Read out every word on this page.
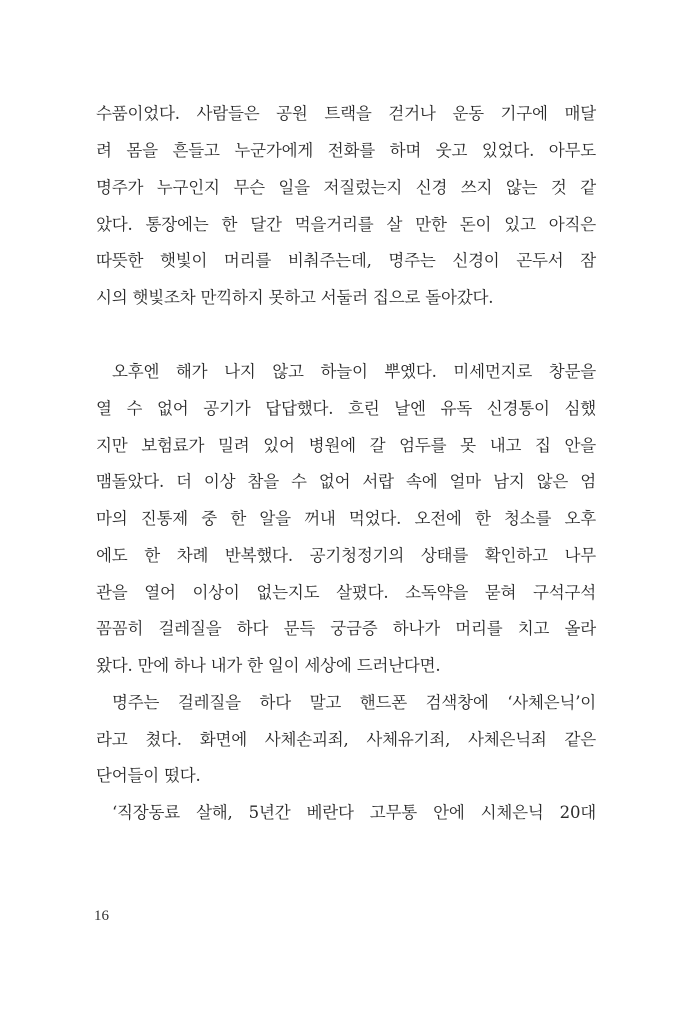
수품이었다. 사람들은 공원 트랙을 걷거나 운동 기구에 매달
려 몸을 흔들고 누군가에게 전화를 하며 웃고 있었다. 아무도
명주가 누구인지 무슨 일을 저질렀는지 신경 쓰지 않는 것 같
았다. 통장에는 한 달간 먹을거리를 살 만한 돈이 있고 아직은
따뜻한 햇빛이 머리를 비춰주는데, 명주는 신경이 곤두서 잠
시의 햇빛조차 만끽하지 못하고 서둘러 집으로 돌아갔다.
오후엔 해가 나지 않고 하늘이 뿌옜다. 미세먼지로 창문을
열 수 없어 공기가 답답했다. 흐린 날엔 유독 신경통이 심했
지만 보험료가 밀려 있어 병원에 갈 엄두를 못 내고 집 안을
맴돌았다. 더 이상 참을 수 없어 서랍 속에 얼마 남지 않은 엄
마의 진통제 중 한 알을 꺼내 먹었다. 오전에 한 청소를 오후
에도 한 차례 반복했다. 공기청정기의 상태를 확인하고 나무
관을 열어 이상이 없는지도 살폈다. 소독약을 묻혀 구석구석
꼼꼼히 걸레질을 하다 문득 궁금증 하나가 머리를 치고 올라
왔다. 만에 하나 내가 한 일이 세상에 드러난다면.
명주는 걸레질을 하다 말고 핸드폰 검색창에 ‘사체은닉’이
라고 쳤다. 화면에 사체손괴죄, 사체유기죄, 사체은닉죄 같은
단어들이 떴다.
‘직장동료 살해, 5년간 베란다 고무통 안에 시체은닉 20대
16
